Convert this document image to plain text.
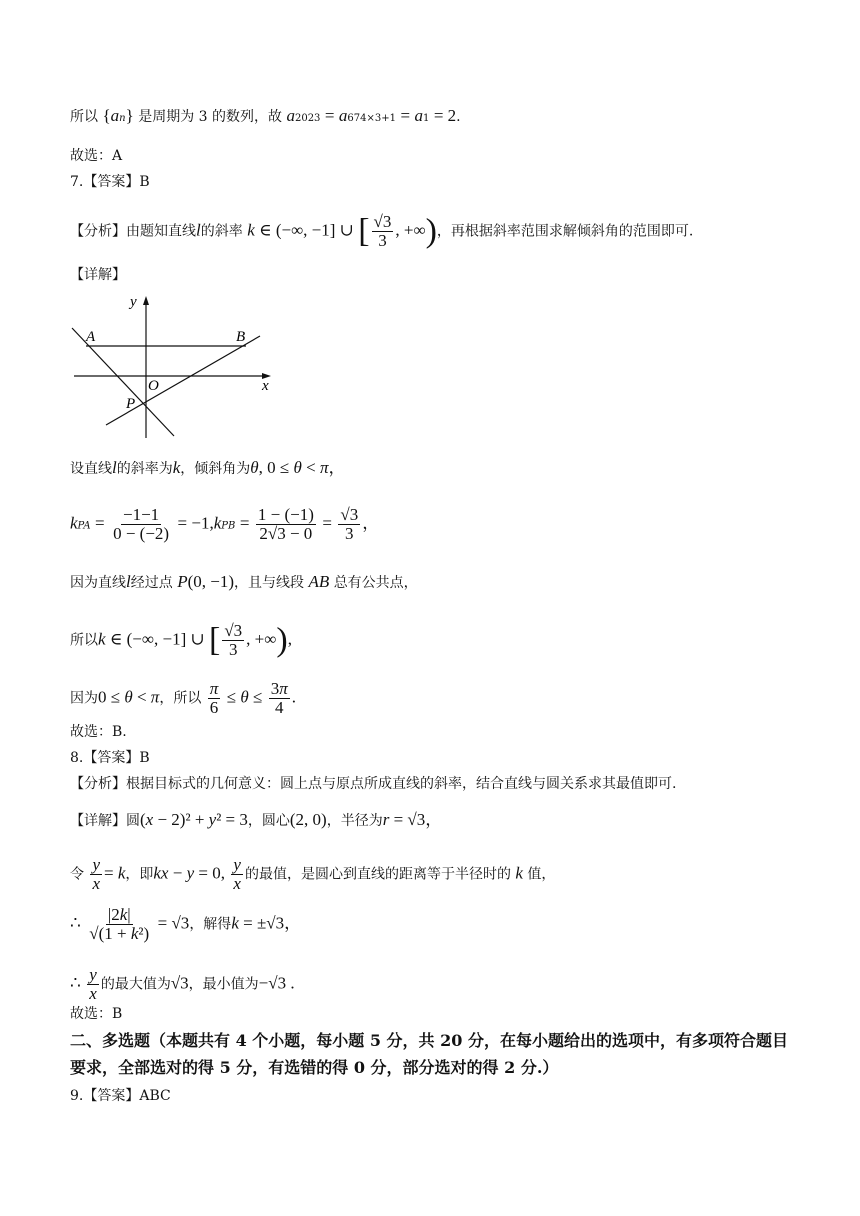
所以 {an} 是周期为 3 的数列，故 a2023 = a674×3+1 = a1 = 2.
故选：A
7.【答案】B
【分析】由题知直线l的斜率 k ∈ (−∞, −1] ∪ [ $\frac{√3}{3}$ , +∞)，再根据斜率范围求解倾斜角的范围即可.
【详解】
y
A	B
O	x
P
设直线l的斜率为k，倾斜角为θ, 0 ≤ θ < π，
kPA = $\frac{-1-1}{0 - (-2)} = -1,kPB = \frac{1 - (-1)}{2√3 - 0} = \frac{√3}{3}$ ，
因为直线l经过点 P(0, −1)，且与线段 AB 总有公共点，
所以k ∈ (−∞, −1] ∪ [ $\frac{√3}{3}$ , +∞),
因为0 ≤ θ < π，所以 $\frac{\pi}{6} \le \theta \le \frac{3\pi}{4}$ .
故选：B.
8.【答案】B
【分析】根据目标式的几何意义：圆上点与原点所成直线的斜率，结合直线与圆关系求其最值即可.
【详解】圆(x − 2)² + y² = 3，圆心(2, 0)，半径为r = √3，
令 $\frac{y}{x} = k$，即kx − y = 0, $\frac{y}{x}$ 的最值，是圆心到直线的距离等于半径时的 k 值，
∴ $\frac{|2k|}{\text{√(1 + k²)}} = √3$，解得k = ±√3，
∴ $\frac{y}{x}$ 的最大值为√3，最小值为−√3 .
故选：B
二、多选题（本题共有 4 个小题，每小题 5 分，共 20 分，在每小题给出的选项中，有多项符合题目要求，全部选对的得 5 分，有选错的得 0 分，部分选对的得 2 分.）
9.【答案】ABC
